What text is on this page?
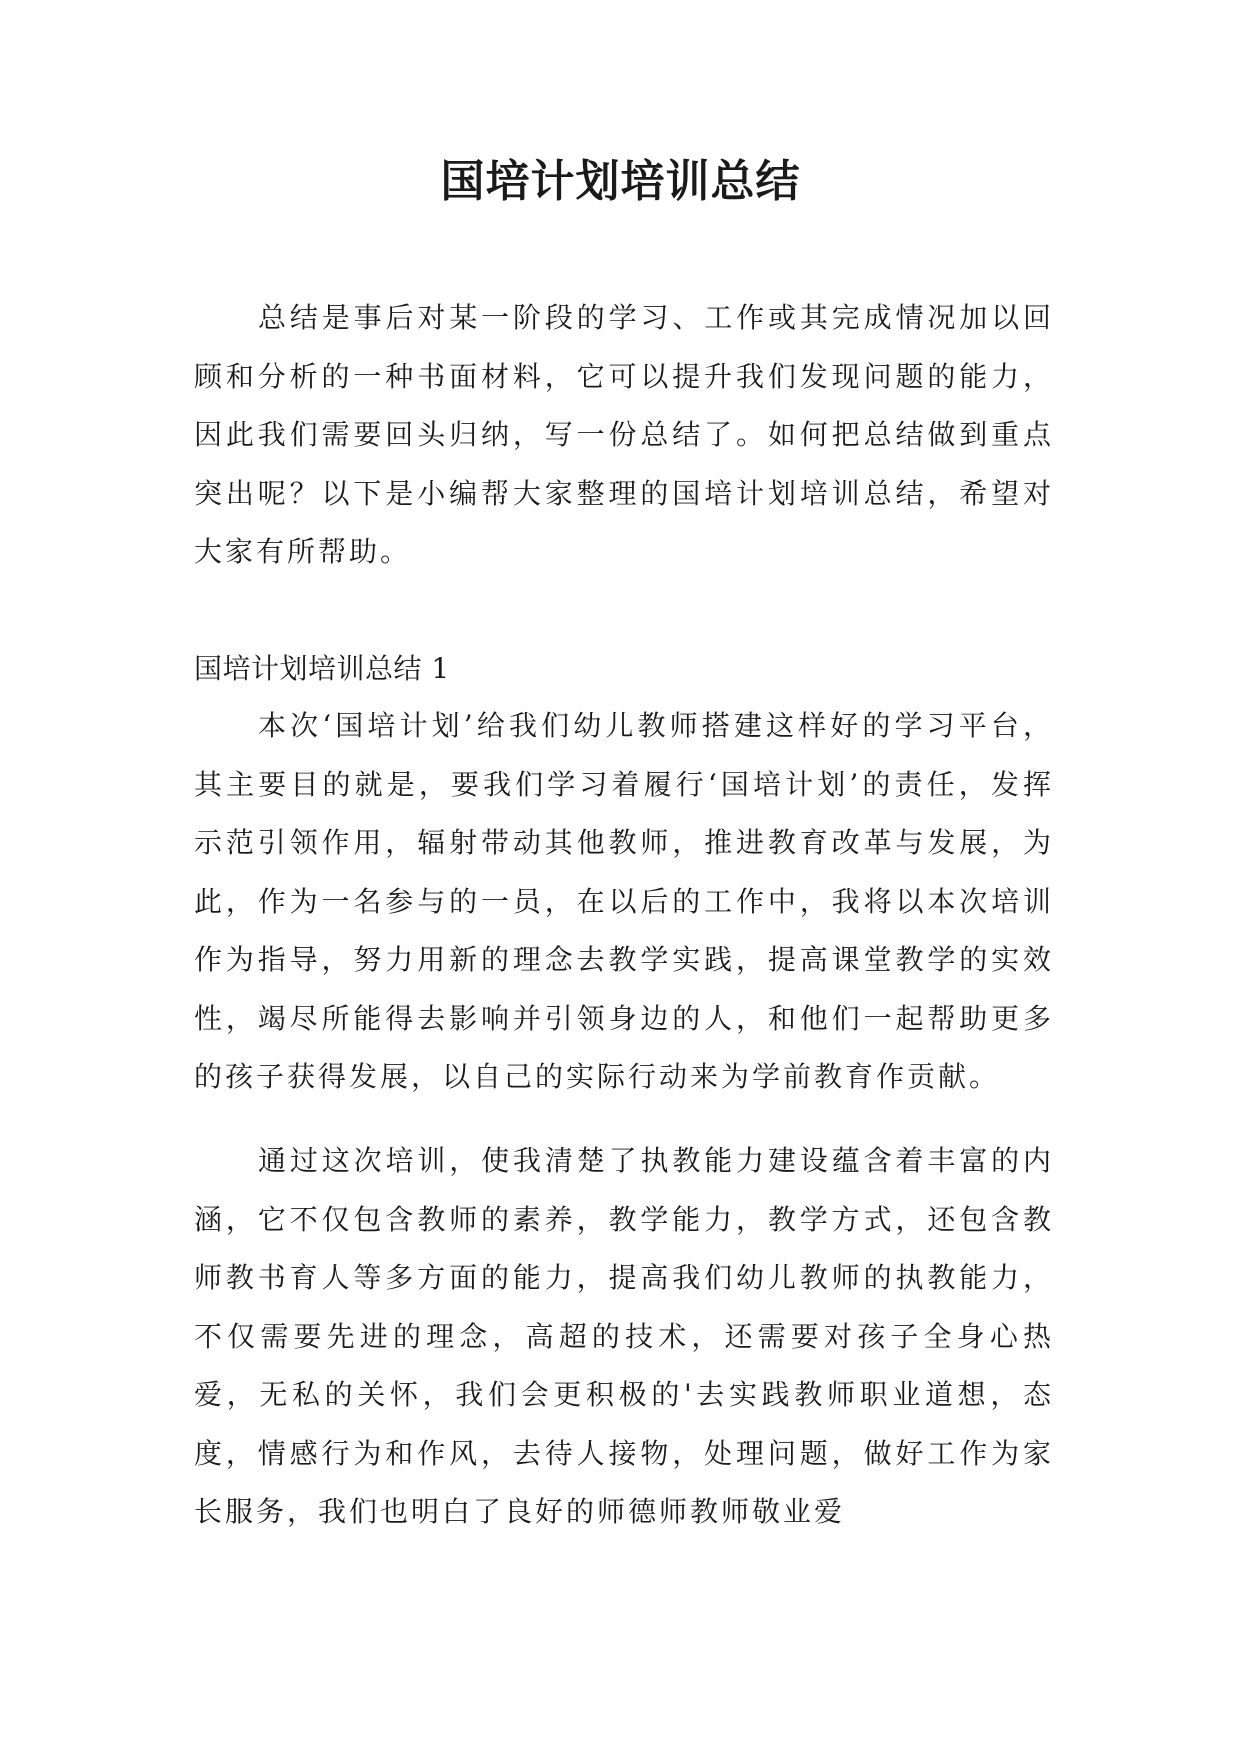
国培计划培训总结

总结是事后对某一阶段的学习、工作或其完成情况加以回顾和分析的一种书面材料，它可以提升我们发现问题的能力，因此我们需要回头归纳，写一份总结了。如何把总结做到重点突出呢？以下是小编帮大家整理的国培计划培训总结，希望对大家有所帮助。

国培计划培训总结 1

本次‘国培计划’给我们幼儿教师搭建这样好的学习平台，其主要目的就是，要我们学习着履行‘国培计划’的责任，发挥示范引领作用，辐射带动其他教师，推进教育改革与发展，为此，作为一名参与的一员，在以后的工作中，我将以本次培训作为指导，努力用新的理念去教学实践，提高课堂教学的实效性，竭尽所能得去影响并引领身边的人，和他们一起帮助更多的孩子获得发展，以自己的实际行动来为学前教育作贡献。

通过这次培训，使我清楚了执教能力建设蕴含着丰富的内涵，它不仅包含教师的素养，教学能力，教学方式，还包含教师教书育人等多方面的能力，提高我们幼儿教师的执教能力，不仅需要先进的理念，高超的技术，还需要对孩子全身心热爱，无私的关怀，我们会更积极的'去实践教师职业道想，态度，情感行为和作风，去待人接物，处理问题，做好工作为家长服务，我们也明白了良好的师德师教师敬业爱
